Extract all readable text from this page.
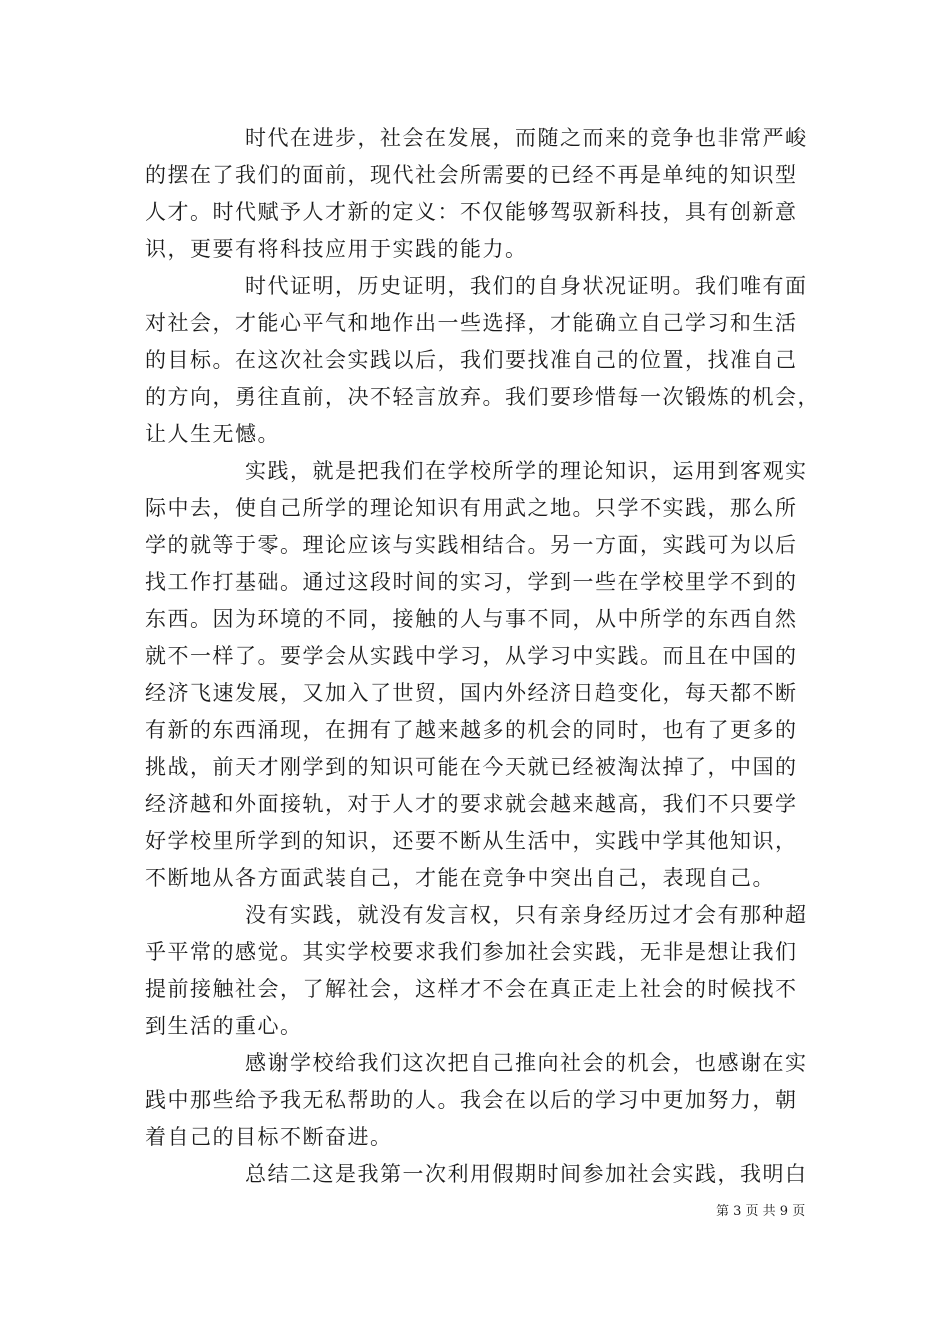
时代在进步，社会在发展，而随之而来的竞争也非常严峻
的摆在了我们的面前，现代社会所需要的已经不再是单纯的知识型
人才。时代赋予人才新的定义：不仅能够驾驭新科技，具有创新意
识，更要有将科技应用于实践的能力。
时代证明，历史证明，我们的自身状况证明。我们唯有面
对社会，才能心平气和地作出一些选择，才能确立自己学习和生活
的目标。在这次社会实践以后，我们要找准自己的位置，找准自己
的方向，勇往直前，决不轻言放弃。我们要珍惜每一次锻炼的机会，
让人生无憾。
实践，就是把我们在学校所学的理论知识，运用到客观实
际中去，使自己所学的理论知识有用武之地。只学不实践，那么所
学的就等于零。理论应该与实践相结合。另一方面，实践可为以后
找工作打基础。通过这段时间的实习，学到一些在学校里学不到的
东西。因为环境的不同，接触的人与事不同，从中所学的东西自然
就不一样了。要学会从实践中学习，从学习中实践。而且在中国的
经济飞速发展，又加入了世贸，国内外经济日趋变化，每天都不断
有新的东西涌现，在拥有了越来越多的机会的同时，也有了更多的
挑战，前天才刚学到的知识可能在今天就已经被淘汰掉了，中国的
经济越和外面接轨，对于人才的要求就会越来越高，我们不只要学
好学校里所学到的知识，还要不断从生活中，实践中学其他知识，
不断地从各方面武装自己，才能在竞争中突出自己，表现自己。
没有实践，就没有发言权，只有亲身经历过才会有那种超
乎平常的感觉。其实学校要求我们参加社会实践，无非是想让我们
提前接触社会，了解社会，这样才不会在真正走上社会的时候找不
到生活的重心。
感谢学校给我们这次把自己推向社会的机会，也感谢在实
践中那些给予我无私帮助的人。我会在以后的学习中更加努力，朝
着自己的目标不断奋进。
总结二这是我第一次利用假期时间参加社会实践，我明白
第 3 页 共 9 页
